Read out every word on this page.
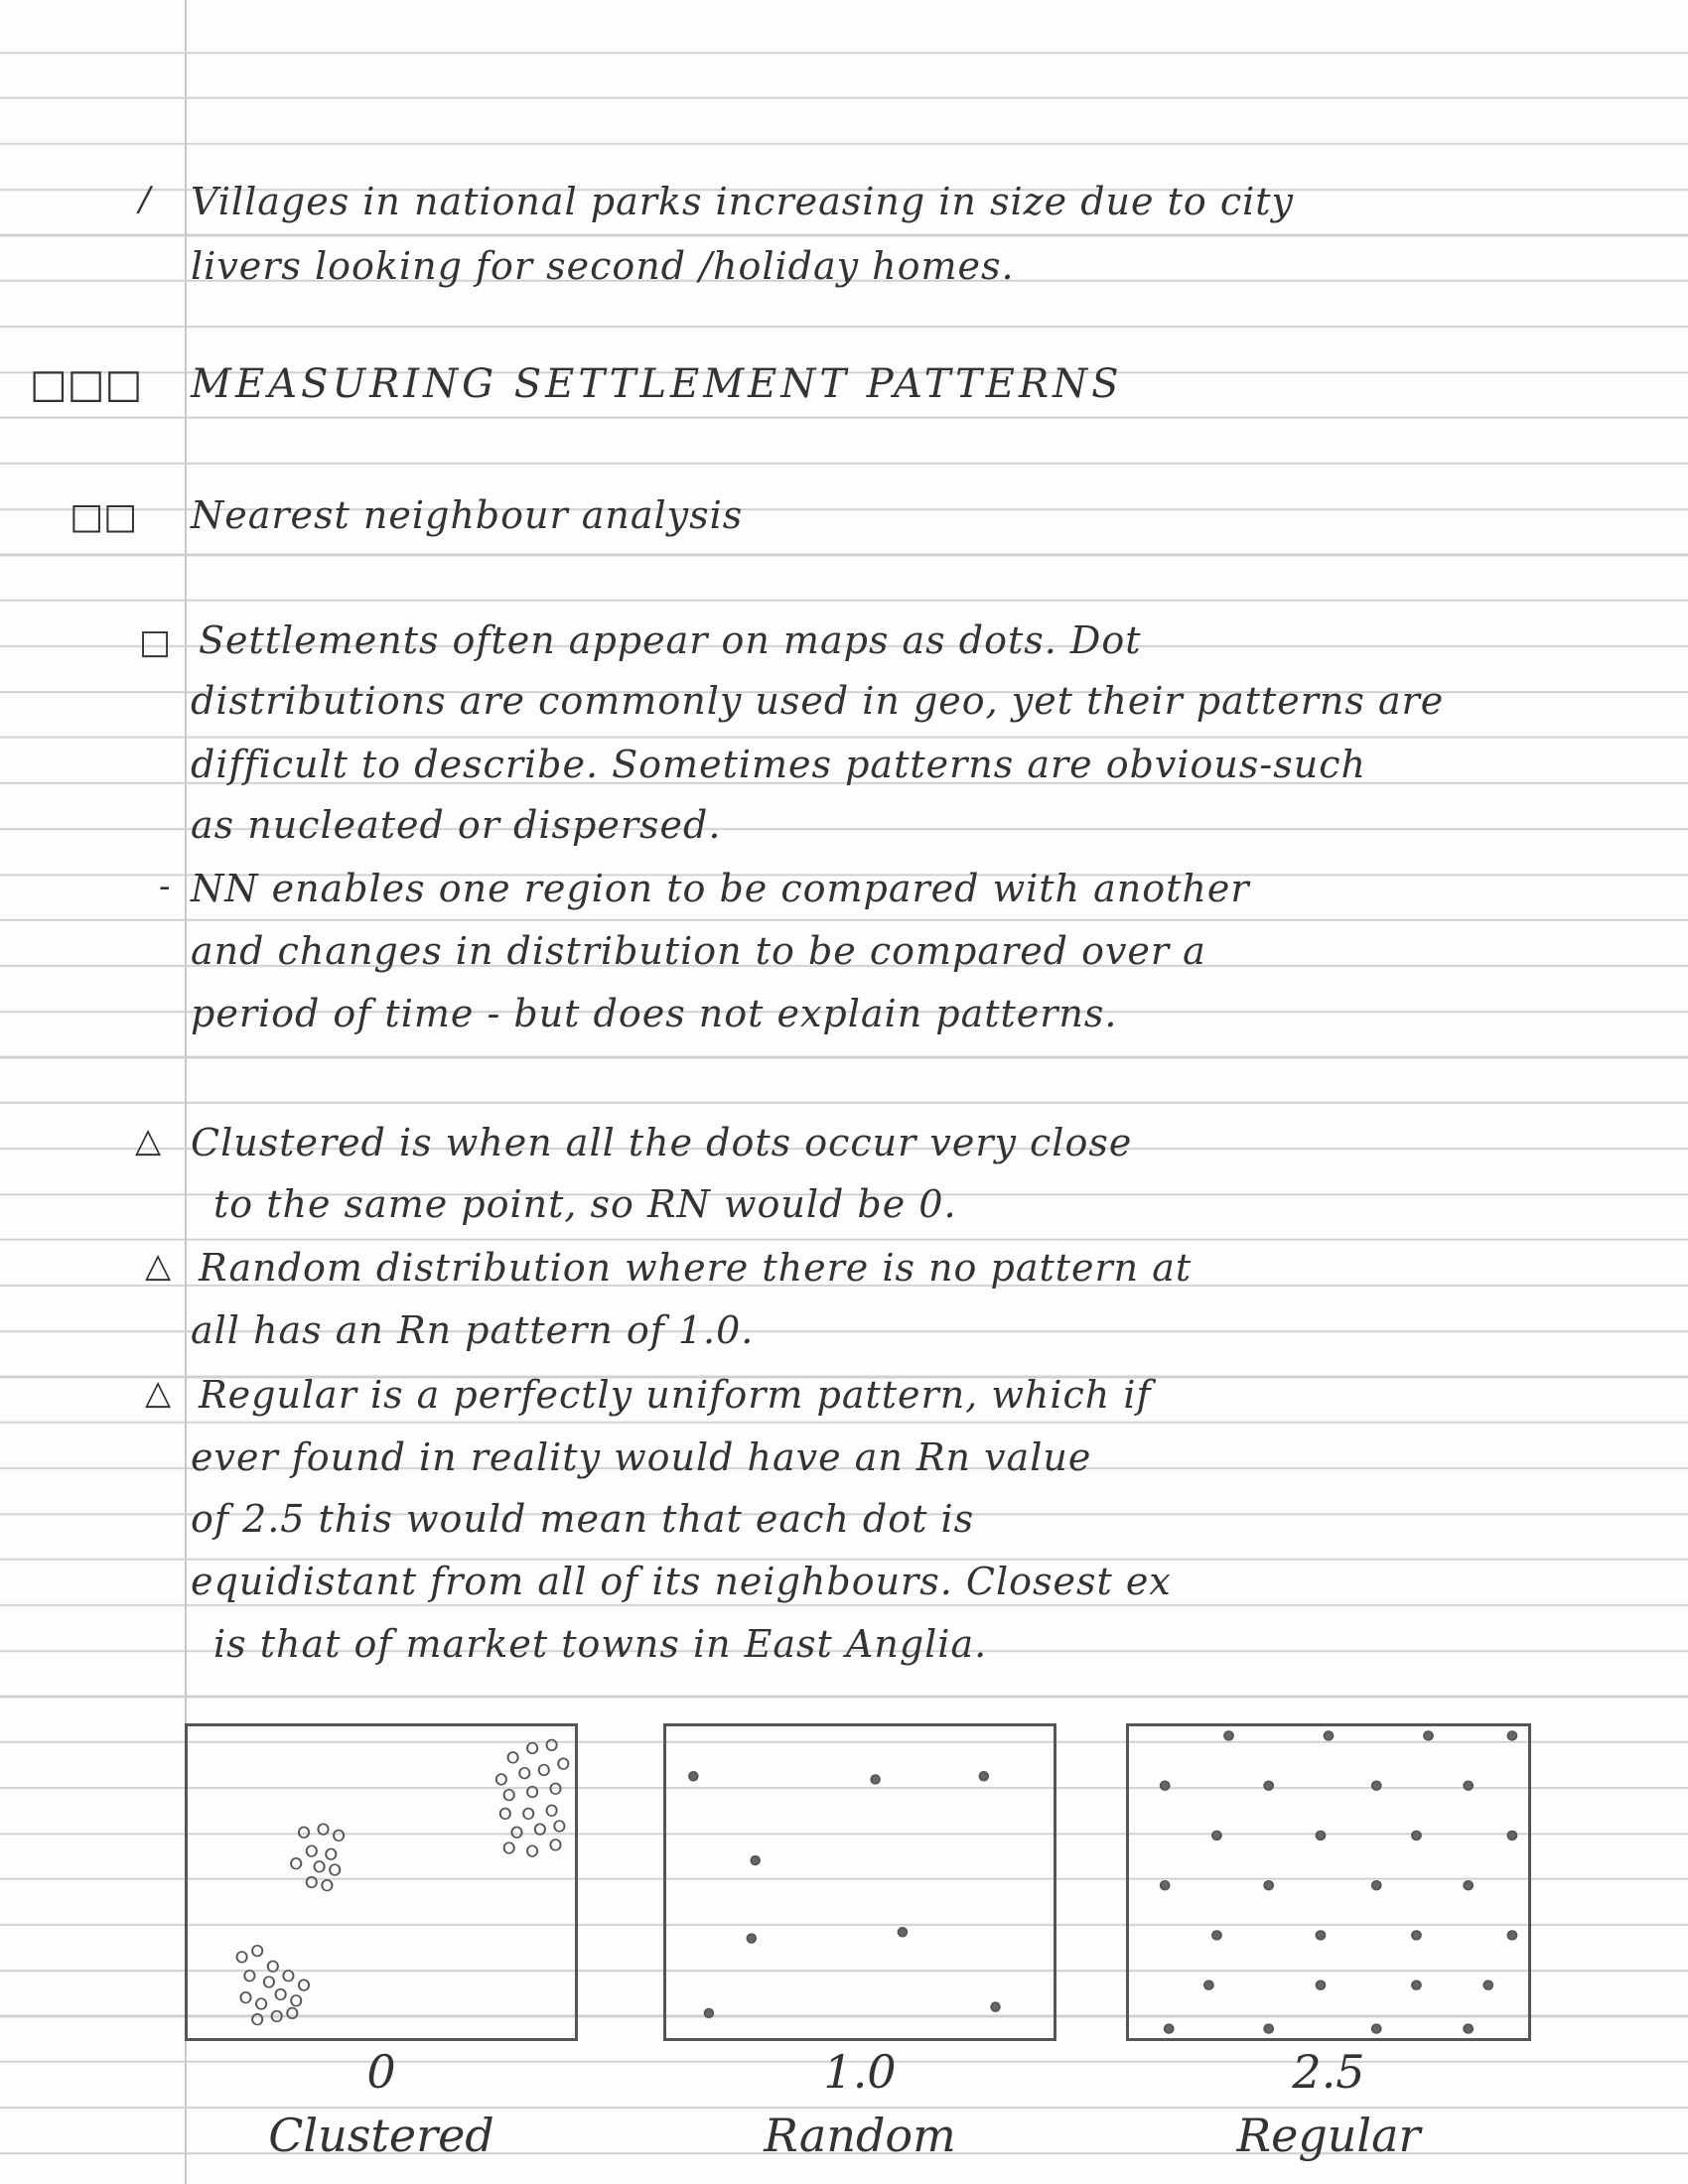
/ Villages in national parks increasing in size due to city
livers looking for second /holiday homes.
□□□ MEASURING SETTLEMENT PATTERNS
□□ Nearest neighbour analysis
□ Settlements often appear on maps as dots. Dot
distributions are commonly used in geo, yet their patterns are
difficult to describe. Sometimes patterns are obvious-such
as nucleated or dispersed.
- NN enables one region to be compared with another
and changes in distribution to be compared over a
period of time - but does not explain patterns.
△ Clustered is when all the dots occur very close
to the same point, so RN would be 0.
△ Random distribution where there is no pattern at
all has an Rn pattern of 1.0.
△ Regular is a perfectly uniform pattern, which if
ever found in reality would have an Rn value
of 2.5 this would mean that each dot is
equidistant from all of its neighbours. Closest ex
is that of market towns in East Anglia.
0
Clustered
1.0
Random
2.5
Regular
